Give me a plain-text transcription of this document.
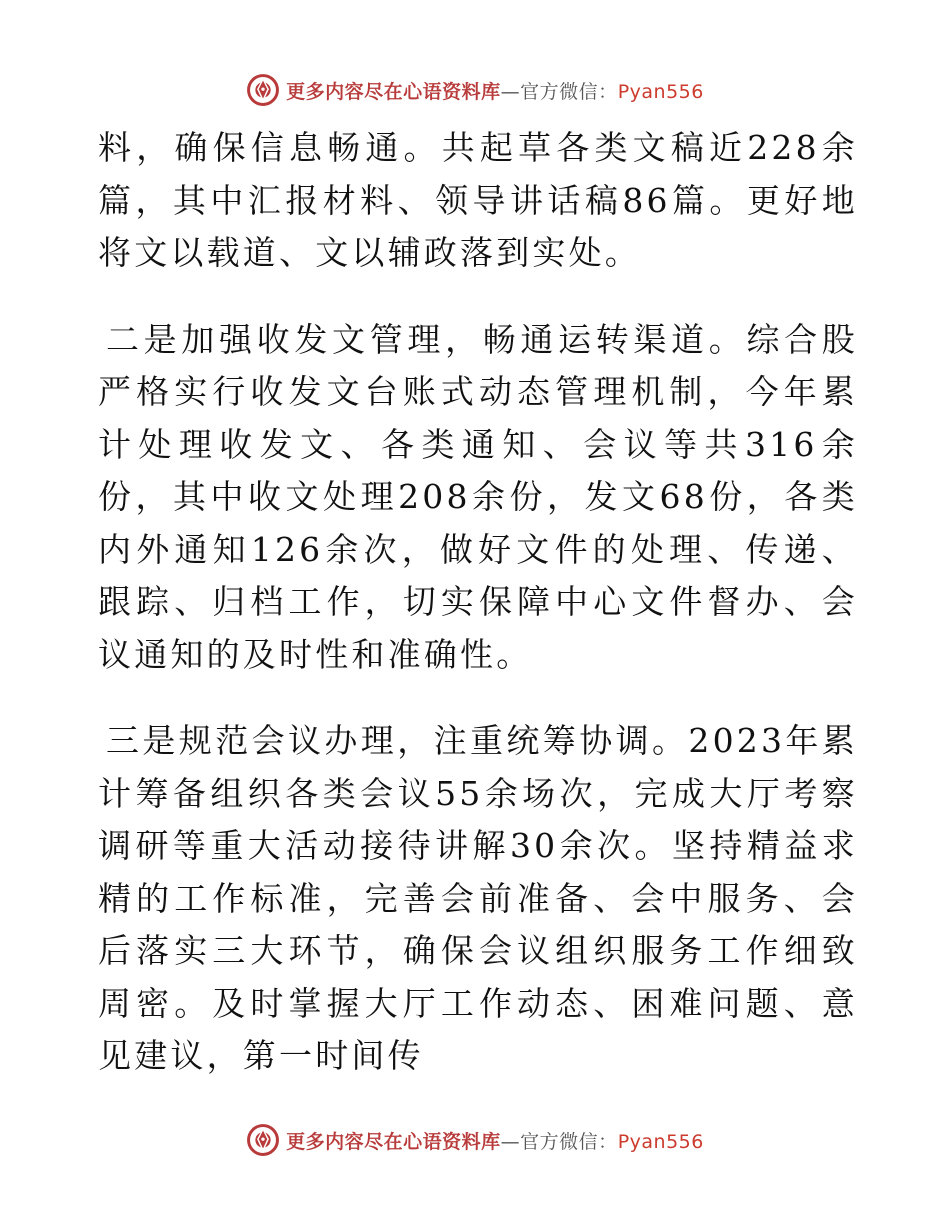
更多内容尽在心语资料库—官方微信：Pyan556

料，确保信息畅通。共起草各类文稿近228余篇，其中汇报材料、领导讲话稿86篇。更好地将文以载道、文以辅政落到实处。

二是加强收发文管理，畅通运转渠道。综合股严格实行收发文台账式动态管理机制，今年累计处理收发文、各类通知、会议等共316余份，其中收文处理208余份，发文68份，各类内外通知126余次，做好文件的处理、传递、跟踪、归档工作，切实保障中心文件督办、会议通知的及时性和准确性。

三是规范会议办理，注重统筹协调。2023年累计筹备组织各类会议55余场次，完成大厅考察调研等重大活动接待讲解30余次。坚持精益求精的工作标准，完善会前准备、会中服务、会后落实三大环节，确保会议组织服务工作细致周密。及时掌握大厅工作动态、困难问题、意见建议，第一时间传

更多内容尽在心语资料库—官方微信：Pyan556
